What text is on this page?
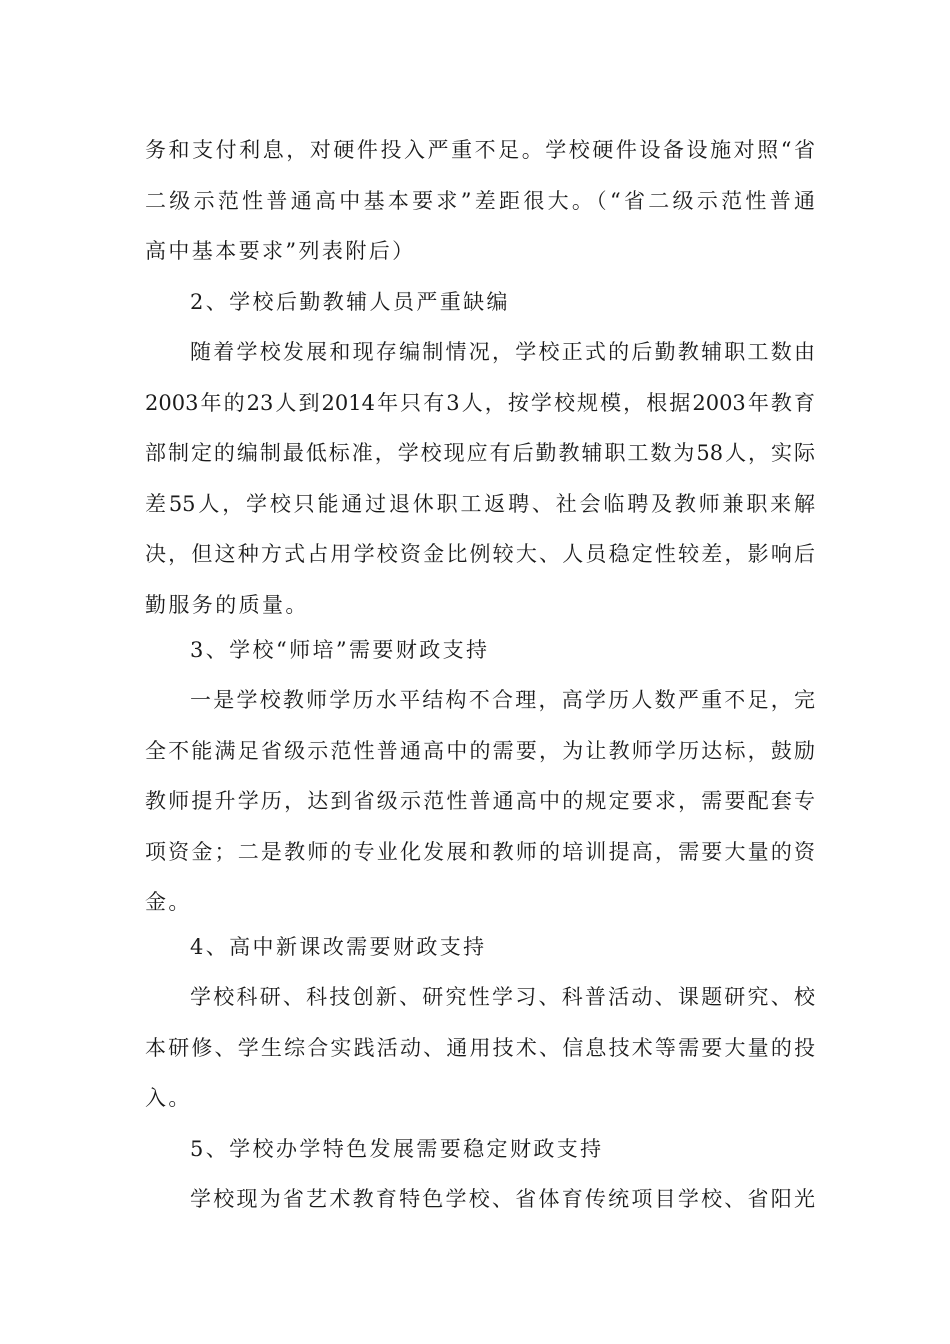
务和支付利息，对硬件投入严重不足。学校硬件设备设施对照“省
二级示范性普通高中基本要求”差距很大。（“省二级示范性普通
高中基本要求”列表附后）
2、学校后勤教辅人员严重缺编
随着学校发展和现存编制情况，学校正式的后勤教辅职工数由
2003年的23人到2014年只有3人，按学校规模，根据2003年教育
部制定的编制最低标准，学校现应有后勤教辅职工数为58人，实际
差55人，学校只能通过退休职工返聘、社会临聘及教师兼职来解
决，但这种方式占用学校资金比例较大、人员稳定性较差，影响后
勤服务的质量。
3、学校“师培”需要财政支持
一是学校教师学历水平结构不合理，高学历人数严重不足，完
全不能满足省级示范性普通高中的需要，为让教师学历达标，鼓励
教师提升学历，达到省级示范性普通高中的规定要求，需要配套专
项资金；二是教师的专业化发展和教师的培训提高，需要大量的资
金。
4、高中新课改需要财政支持
学校科研、科技创新、研究性学习、科普活动、课题研究、校
本研修、学生综合实践活动、通用技术、信息技术等需要大量的投
入。
5、学校办学特色发展需要稳定财政支持
学校现为省艺术教育特色学校、省体育传统项目学校、省阳光
